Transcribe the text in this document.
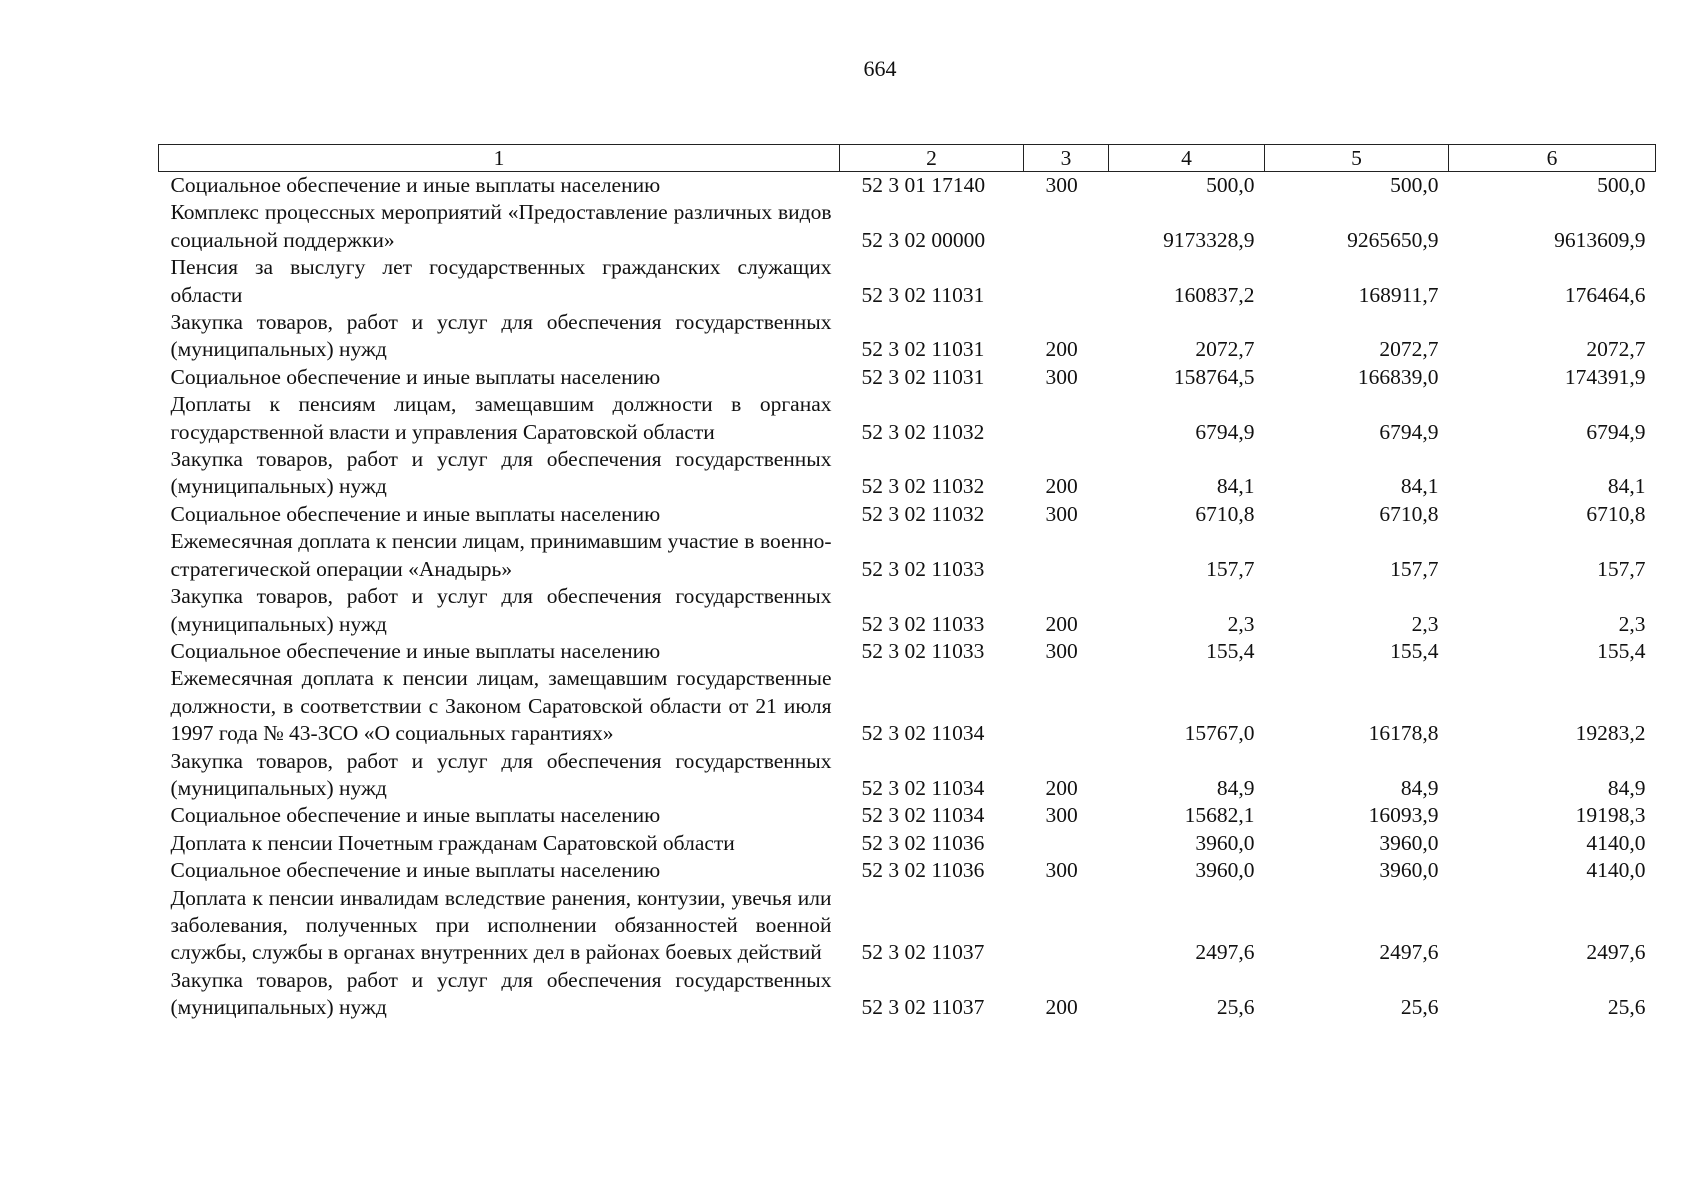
664
1	2	3	4	5	6
Социальное обеспечение и иные выплаты населению	52 3 01 17140	300	500,0	500,0	500,0
Комплекс процессных мероприятий «Предоставление различных видов социальной поддержки»	52 3 02 00000		9173328,9	9265650,9	9613609,9
Пенсия за выслугу лет государственных гражданских служащих области	52 3 02 11031		160837,2	168911,7	176464,6
Закупка товаров, работ и услуг для обеспечения государственных (муниципальных) нужд	52 3 02 11031	200	2072,7	2072,7	2072,7
Социальное обеспечение и иные выплаты населению	52 3 02 11031	300	158764,5	166839,0	174391,9
Доплаты к пенсиям лицам, замещавшим должности в органах государственной власти и управления Саратовской области	52 3 02 11032		6794,9	6794,9	6794,9
Закупка товаров, работ и услуг для обеспечения государственных (муниципальных) нужд	52 3 02 11032	200	84,1	84,1	84,1
Социальное обеспечение и иные выплаты населению	52 3 02 11032	300	6710,8	6710,8	6710,8
Ежемесячная доплата к пенсии лицам, принимавшим участие в военно-стратегической операции «Анадырь»	52 3 02 11033		157,7	157,7	157,7
Закупка товаров, работ и услуг для обеспечения государственных (муниципальных) нужд	52 3 02 11033	200	2,3	2,3	2,3
Социальное обеспечение и иные выплаты населению	52 3 02 11033	300	155,4	155,4	155,4
Ежемесячная доплата к пенсии лицам, замещавшим государственные должности, в соответствии с Законом Саратовской области от 21 июля 1997 года № 43-ЗСО «О социальных гарантиях»	52 3 02 11034		15767,0	16178,8	19283,2
Закупка товаров, работ и услуг для обеспечения государственных (муниципальных) нужд	52 3 02 11034	200	84,9	84,9	84,9
Социальное обеспечение и иные выплаты населению	52 3 02 11034	300	15682,1	16093,9	19198,3
Доплата к пенсии Почетным гражданам Саратовской области	52 3 02 11036		3960,0	3960,0	4140,0
Социальное обеспечение и иные выплаты населению	52 3 02 11036	300	3960,0	3960,0	4140,0
Доплата к пенсии инвалидам вследствие ранения, контузии, увечья или заболевания, полученных при исполнении обязанностей военной службы, службы в органах внутренних дел в районах боевых действий	52 3 02 11037		2497,6	2497,6	2497,6
Закупка товаров, работ и услуг для обеспечения государственных (муниципальных) нужд	52 3 02 11037	200	25,6	25,6	25,6
